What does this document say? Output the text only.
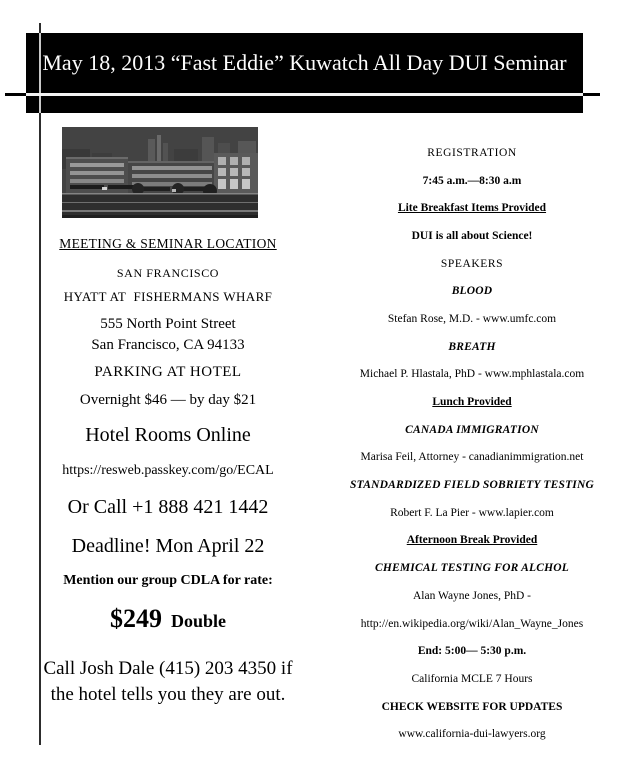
May 18, 2013 “Fast Eddie” Kuwatch All Day DUI Seminar
MEETING & SEMINAR LOCATION
SAN FRANCISCO
HYATT AT  FISHERMANS WHARF
555 North Point Street
San Francisco, CA 94133
PARKING AT HOTEL
Overnight $46 — by day $21
Hotel Rooms Online
https://resweb.passkey.com/go/ECAL
Or Call +1 888 421 1442
Deadline! Mon April 22
Mention our group CDLA for rate:
$249 Double
Call Josh Dale (415) 203 4350 if
the hotel tells you they are out.
REGISTRATION
7:45 a.m.—8:30 a.m
Lite Breakfast Items Provided
DUI is all about Science!
SPEAKERS
BLOOD
Stefan Rose, M.D. - www.umfc.com
BREATH
Michael P. Hlastala, PhD - www.mphlastala.com
Lunch Provided
CANADA IMMIGRATION
Marisa Feil, Attorney - canadianimmigration.net
STANDARDIZED FIELD SOBRIETY TESTING
Robert F. La Pier - www.lapier.com
Afternoon Break Provided
CHEMICAL TESTING FOR ALCHOL
Alan Wayne Jones, PhD -
http://en.wikipedia.org/wiki/Alan_Wayne_Jones
End: 5:00— 5:30 p.m.
California MCLE 7 Hours
CHECK WEBSITE FOR UPDATES
www.california-dui-lawyers.org
